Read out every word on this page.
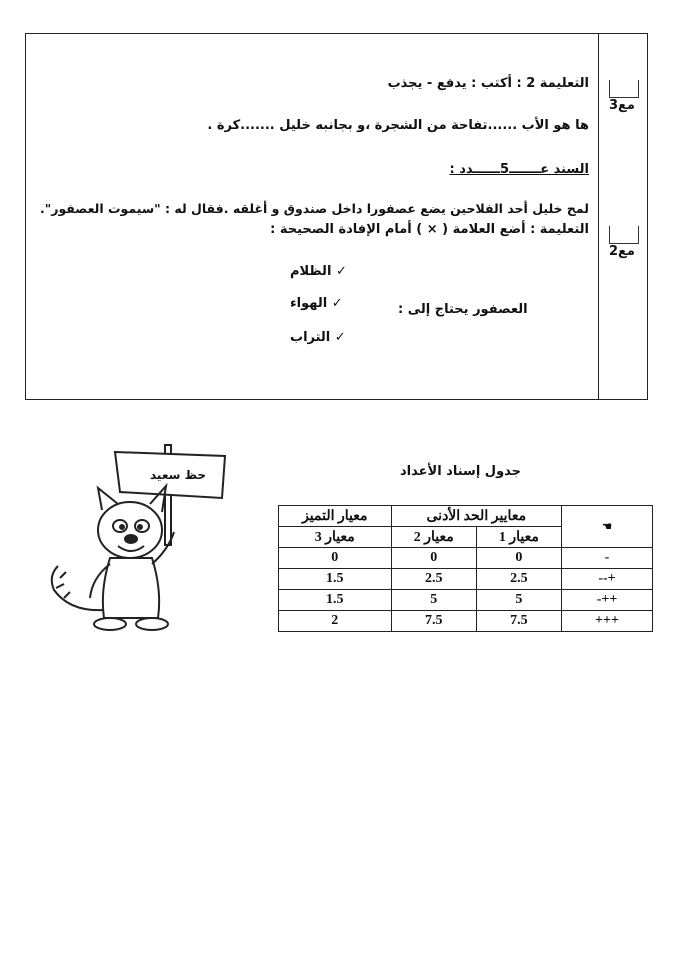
مع3
مع2
التعليمة 2 : أكتب : يدفع - يجذب
ها هو الأب ......تفاحة من الشجرة ،و بجانبه خليل .......كرة .
السند عـــــــ5ــــــدد :
لمح خليل أحد الفلاحين يضع عصفورا داخل صندوق و أغلقه .فقال له : "سيموت العصفور".
التعليمة : أضع العلامة ( × ) أمام الإفادة الصحيحة :
✓ الظلام
✓ الهواء
✓ التراب
العصفور يحتاج إلى :
جدول إسناد الأعداد
☚	معايير الحد الأدنى		معيار التميز
	معيار 1	معيار 2	معيار 3
-	0	0	0
+--	2.5	2.5	1.5
++-	5	5	1.5
+++	7.5	7.5	2
حظ سعيد
